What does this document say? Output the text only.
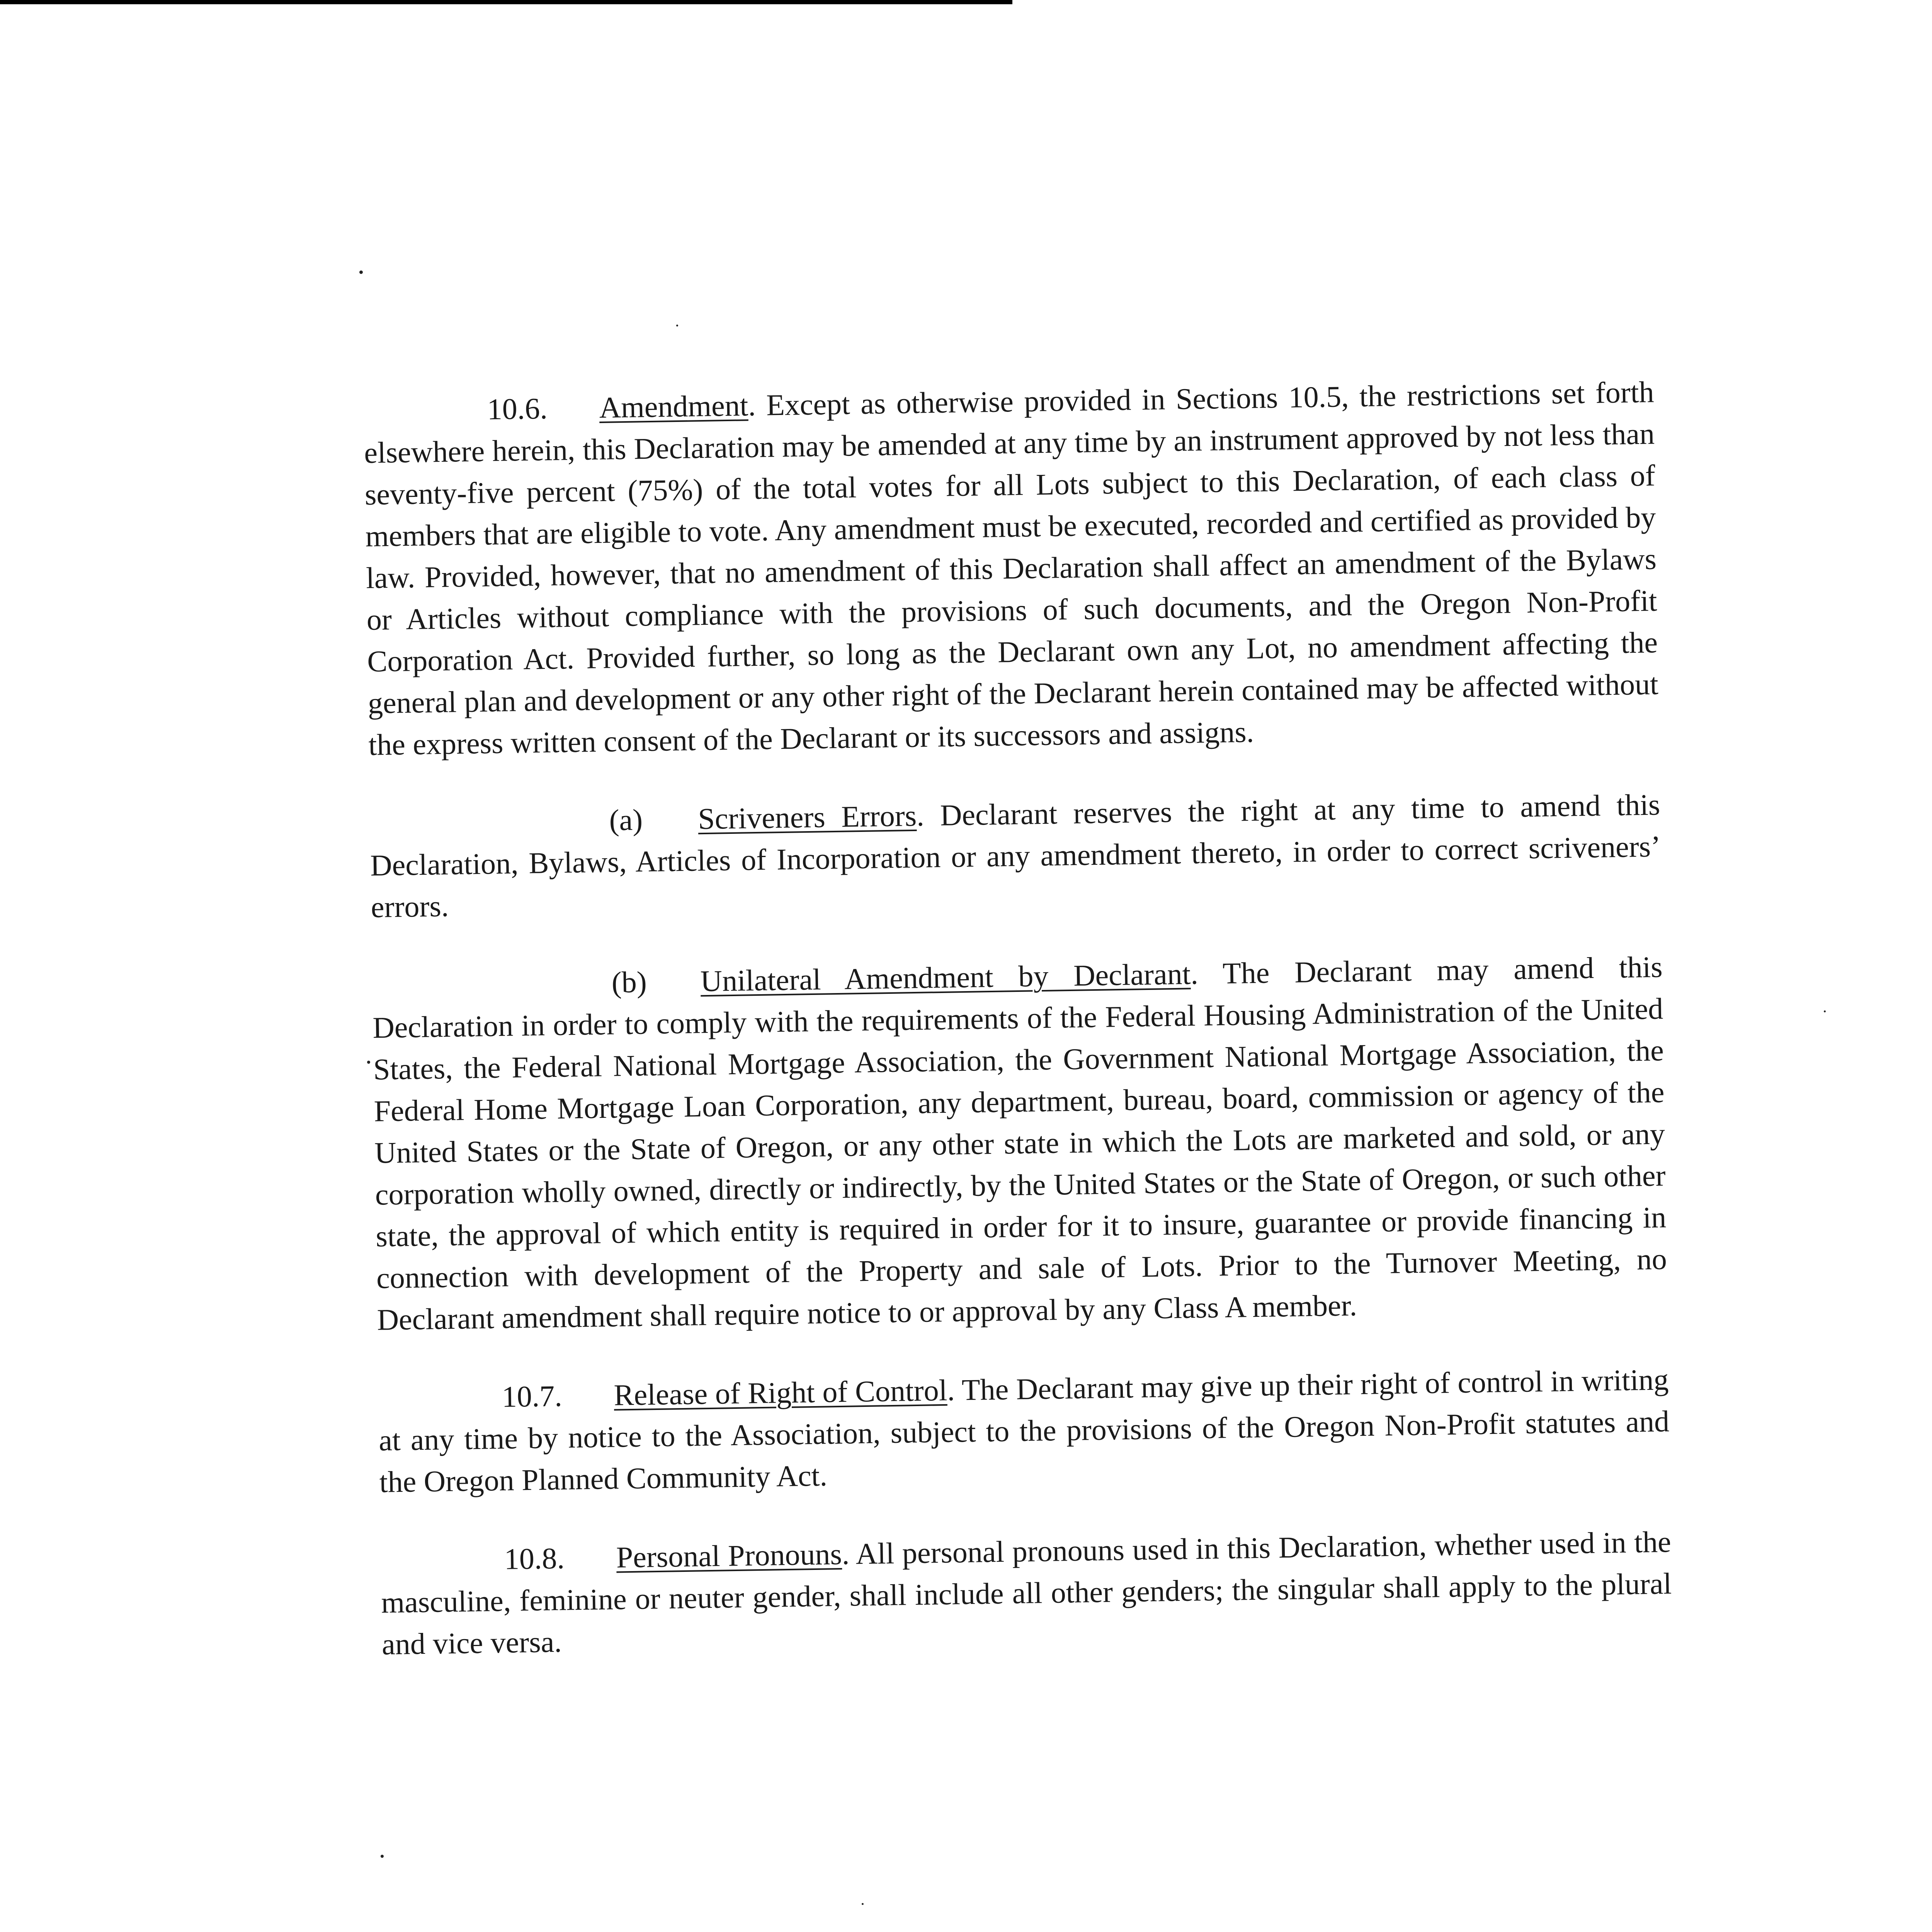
10.6. Amendment. Except as otherwise provided in Sections 10.5, the restrictions set forth elsewhere herein, this Declaration may be amended at any time by an instrument approved by not less than seventy-five percent (75%) of the total votes for all Lots subject to this Declaration, of each class of members that are eligible to vote. Any amendment must be executed, recorded and certified as provided by law. Provided, however, that no amendment of this Declaration shall affect an amendment of the Bylaws or Articles without compliance with the provisions of such documents, and the Oregon Non-Profit Corporation Act. Provided further, so long as the Declarant own any Lot, no amendment affecting the general plan and development or any other right of the Declarant herein contained may be affected without the express written consent of the Declarant or its successors and assigns.

(a) Scriveners Errors. Declarant reserves the right at any time to amend this Declaration, Bylaws, Articles of Incorporation or any amendment thereto, in order to correct scriveners’ errors.

(b) Unilateral Amendment by Declarant. The Declarant may amend this Declaration in order to comply with the requirements of the Federal Housing Administration of the United States, the Federal National Mortgage Association, the Government National Mortgage Association, the Federal Home Mortgage Loan Corporation, any department, bureau, board, commission or agency of the United States or the State of Oregon, or any other state in which the Lots are marketed and sold, or any corporation wholly owned, directly or indirectly, by the United States or the State of Oregon, or such other state, the approval of which entity is required in order for it to insure, guarantee or provide financing in connection with development of the Property and sale of Lots. Prior to the Turnover Meeting, no Declarant amendment shall require notice to or approval by any Class A member.

10.7. Release of Right of Control. The Declarant may give up their right of control in writing at any time by notice to the Association, subject to the provisions of the Oregon Non-Profit statutes and the Oregon Planned Community Act.

10.8. Personal Pronouns. All personal pronouns used in this Declaration, whether used in the masculine, feminine or neuter gender, shall include all other genders; the singular shall apply to the plural and vice versa.
